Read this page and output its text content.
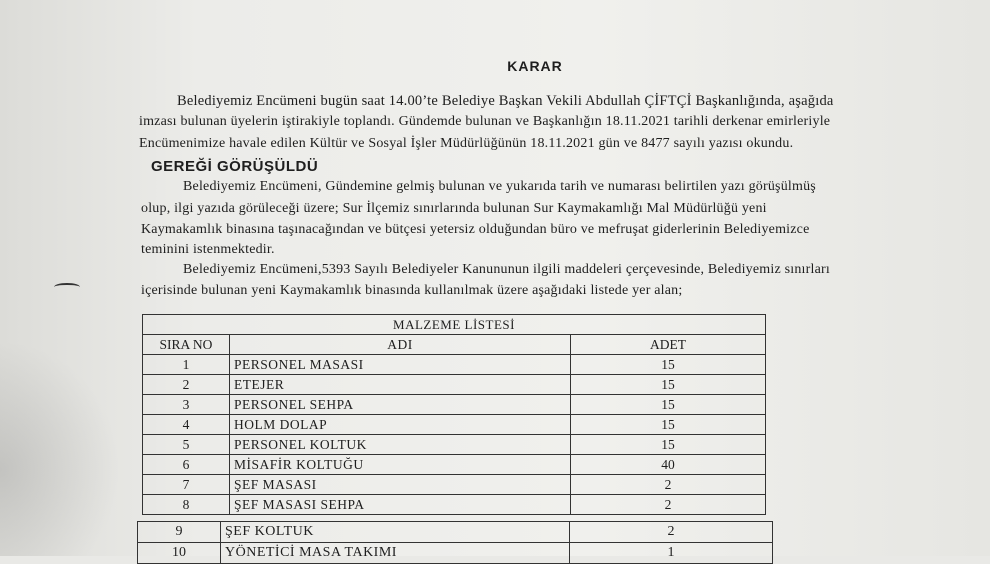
KARAR
Belediyemiz Encümeni bugün saat 14.00’te Belediye Başkan Vekili Abdullah ÇİFTÇİ Başkanlığında, aşağıda
imzası bulunan üyelerin iştirakiyle toplandı. Gündemde bulunan ve Başkanlığın 18.11.2021 tarihli derkenar emirleriyle
Encümenimize havale edilen Kültür ve Sosyal İşler Müdürlüğünün 18.11.2021 gün ve 8477 sayılı yazısı okundu.
GEREĞİ GÖRÜŞÜLDÜ
Belediyemiz Encümeni, Gündemine gelmiş bulunan ve yukarıda tarih ve numarası belirtilen yazı görüşülmüş
olup, ilgi yazıda görüleceği üzere; Sur İlçemiz sınırlarında bulunan Sur Kaymakamlığı Mal Müdürlüğü yeni
Kaymakamlık binasına taşınacağından ve bütçesi yetersiz olduğundan büro ve mefruşat giderlerinin Belediyemizce
teminini istenmektedir.
Belediyemiz Encümeni,5393 Sayılı Belediyeler Kanununun ilgili maddeleri çerçevesinde, Belediyemiz sınırları
içerisinde bulunan yeni Kaymakamlık binasında kullanılmak üzere aşağıdaki listede yer alan;
MALZEME LİSTESİ		
SIRA NO	ADI	ADET
1	PERSONEL MASASI	15
2	ETEJER	15
3	PERSONEL SEHPA	15
4	HOLM DOLAP	15
5	PERSONEL KOLTUK	15
6	MİSAFİR KOLTUĞU	40
7	ŞEF MASASI	2
8	ŞEF MASASI SEHPA	2
9	ŞEF KOLTUK	2
10	YÖNETİCİ MASA TAKIMI	1
